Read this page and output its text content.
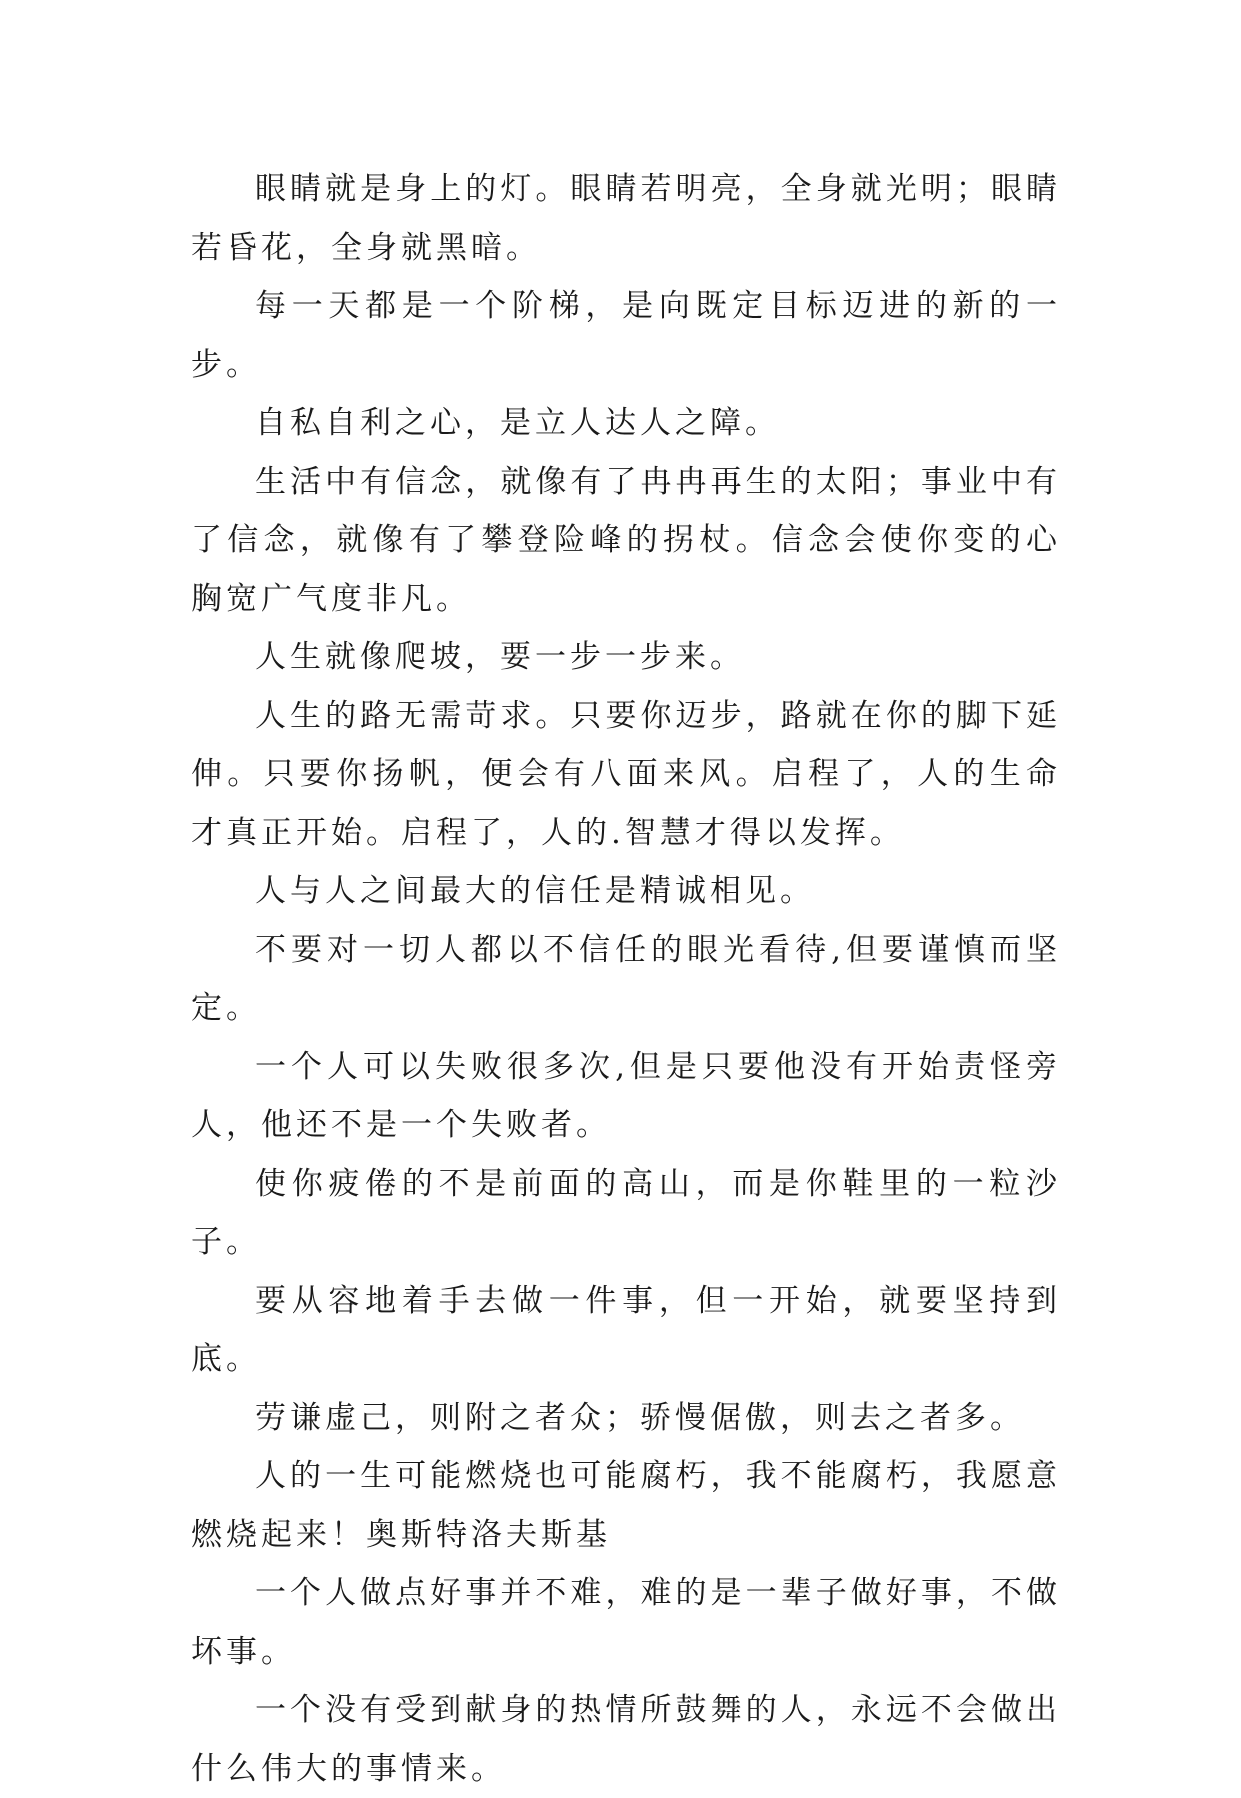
眼睛就是身上的灯。眼睛若明亮，全身就光明；眼睛若昏花，全身就黑暗。

每一天都是一个阶梯，是向既定目标迈进的新的一步。

自私自利之心，是立人达人之障。

生活中有信念，就像有了冉冉再生的太阳；事业中有了信念，就像有了攀登险峰的拐杖。信念会使你变的心胸宽广气度非凡。

人生就像爬坡，要一步一步来。

人生的路无需苛求。只要你迈步，路就在你的脚下延伸。只要你扬帆，便会有八面来风。启程了，人的生命才真正开始。启程了，人的.智慧才得以发挥。

人与人之间最大的信任是精诚相见。

不要对一切人都以不信任的眼光看待,但要谨慎而坚定。

一个人可以失败很多次,但是只要他没有开始责怪旁人，他还不是一个失败者。

使你疲倦的不是前面的高山，而是你鞋里的一粒沙子。

要从容地着手去做一件事，但一开始，就要坚持到底。

劳谦虚己，则附之者众；骄慢倨傲，则去之者多。

人的一生可能燃烧也可能腐朽，我不能腐朽，我愿意燃烧起来！奥斯特洛夫斯基

一个人做点好事并不难，难的是一辈子做好事，不做坏事。

一个没有受到献身的热情所鼓舞的人，永远不会做出什么伟大的事情来。
